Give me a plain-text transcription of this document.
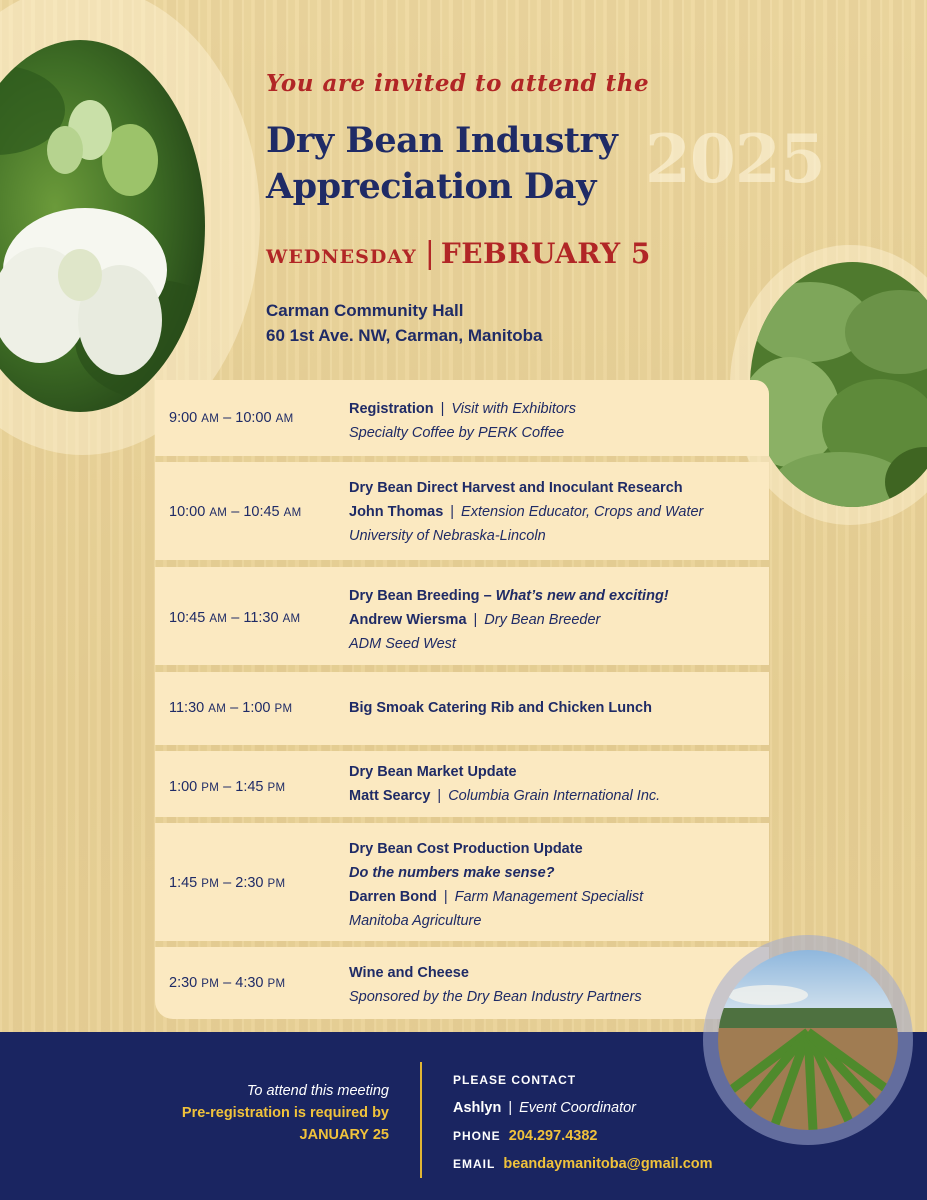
You are invited to attend the
Dry Bean Industry
Appreciation Day 2025
WEDNESDAY | FEBRUARY 5
Carman Community Hall
60 1st Ave. NW, Carman, Manitoba
9:00 AM – 10:00 AM
Registration | Visit with Exhibitors
Specialty Coffee by PERK Coffee
10:00 AM – 10:45 AM
Dry Bean Direct Harvest and Inoculant Research
John Thomas | Extension Educator, Crops and Water
University of Nebraska-Lincoln
10:45 AM – 11:30 AM
Dry Bean Breeding – What’s new and exciting!
Andrew Wiersma | Dry Bean Breeder
ADM Seed West
11:30 AM – 1:00 PM	Big Smoak Catering Rib and Chicken Lunch
1:00 PM – 1:45 PM
Dry Bean Market Update
Matt Searcy | Columbia Grain International Inc.
1:45 PM – 2:30 PM
Dry Bean Cost Production Update
Do the numbers make sense?
Darren Bond | Farm Management Specialist
Manitoba Agriculture
2:30 PM – 4:30 PM
Wine and Cheese
Sponsored by the Dry Bean Industry Partners
To attend this meeting
Pre-registration is required by
JANUARY 25
PLEASE CONTACT
Ashlyn | Event Coordinator
PHONE 204.297.4382
EMAIL beandaymanitoba@gmail.com
